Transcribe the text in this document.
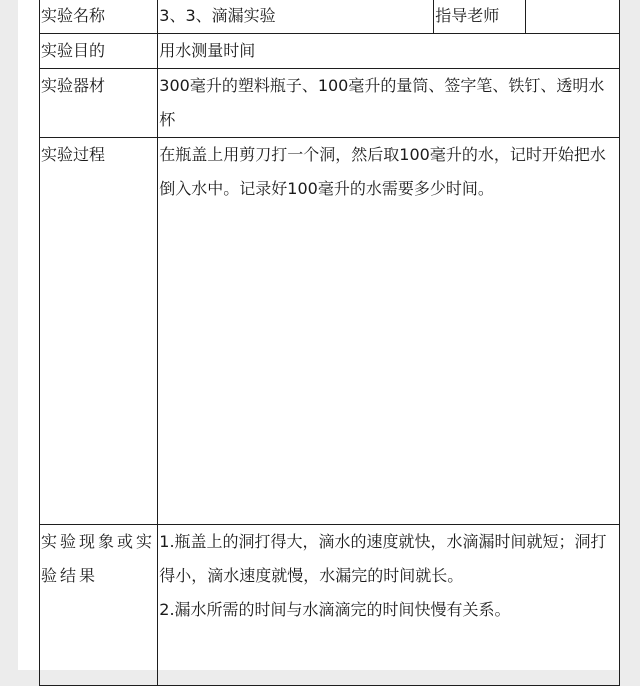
实验名称	3、3、滴漏实验	指导老师	
实验目的	用水测量时间		
实验器材	300毫升的塑料瓶子、100毫升的量筒、签字笔、铁钉、透明水杯		
实验过程	在瓶盖上用剪刀打一个洞，然后取100毫升的水，记时开始把水倒入水中。记录好100毫升的水需要多少时间。		
实验现象或实验结果	1.瓶盖上的洞打得大，滴水的速度就快，水滴漏时间就短；洞打得小，滴水速度就慢，水漏完的时间就长。
2.漏水所需的时间与水滴滴完的时间快慢有关系。		
